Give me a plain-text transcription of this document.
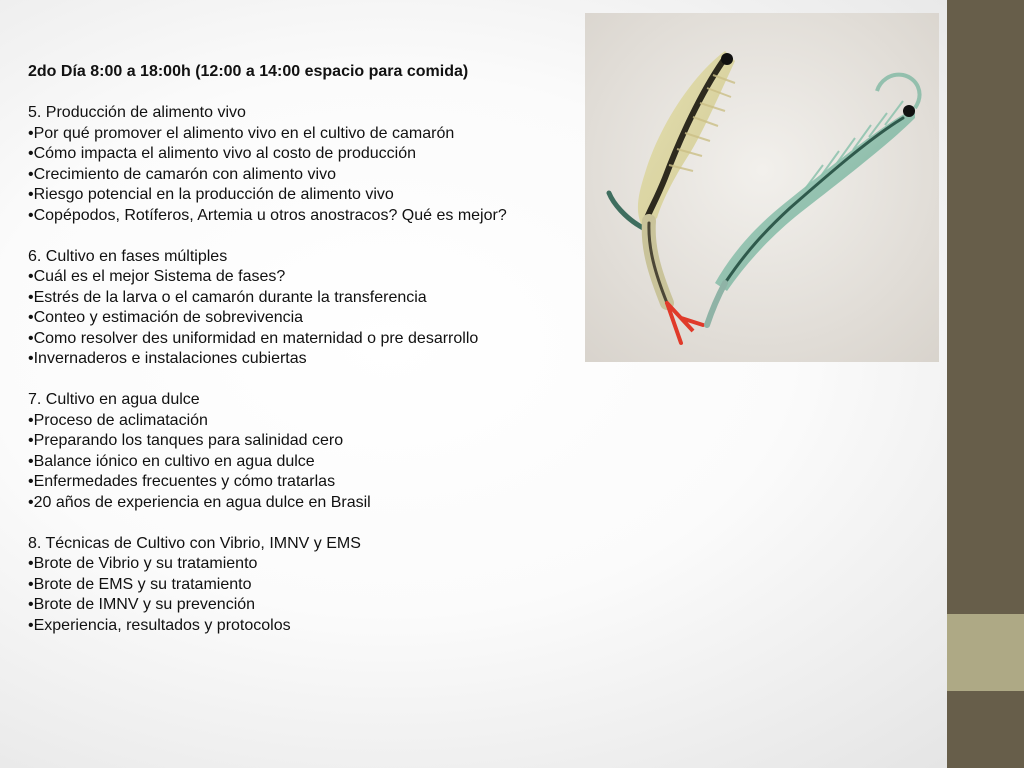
2do Día 8:00 a 18:00h (12:00 a 14:00 espacio para comida)

5. Producción de alimento vivo

•Por qué promover el alimento vivo en el cultivo de camarón

•Cómo impacta el alimento vivo al costo de producción

•Crecimiento de camarón con alimento vivo

•Riesgo potencial en la producción de alimento vivo

•Copépodos, Rotíferos, Artemia u otros anostracos? Qué es mejor?

6. Cultivo en fases múltiples

•Cuál es el mejor Sistema de fases?

•Estrés de la larva o el camarón durante la transferencia

•Conteo y estimación de sobrevivencia

•Como resolver des uniformidad en maternidad o pre desarrollo

•Invernaderos e instalaciones cubiertas

7. Cultivo en agua dulce

•Proceso de aclimatación

•Preparando los tanques para salinidad cero

•Balance iónico en cultivo en agua dulce

•Enfermedades frecuentes y cómo tratarlas

•20 años de experiencia en agua dulce en Brasil

8. Técnicas de Cultivo con Vibrio, IMNV y EMS

•Brote de Vibrio y su tratamiento

•Brote de EMS y su tratamiento

•Brote de IMNV y su prevención

•Experiencia, resultados y protocolos
